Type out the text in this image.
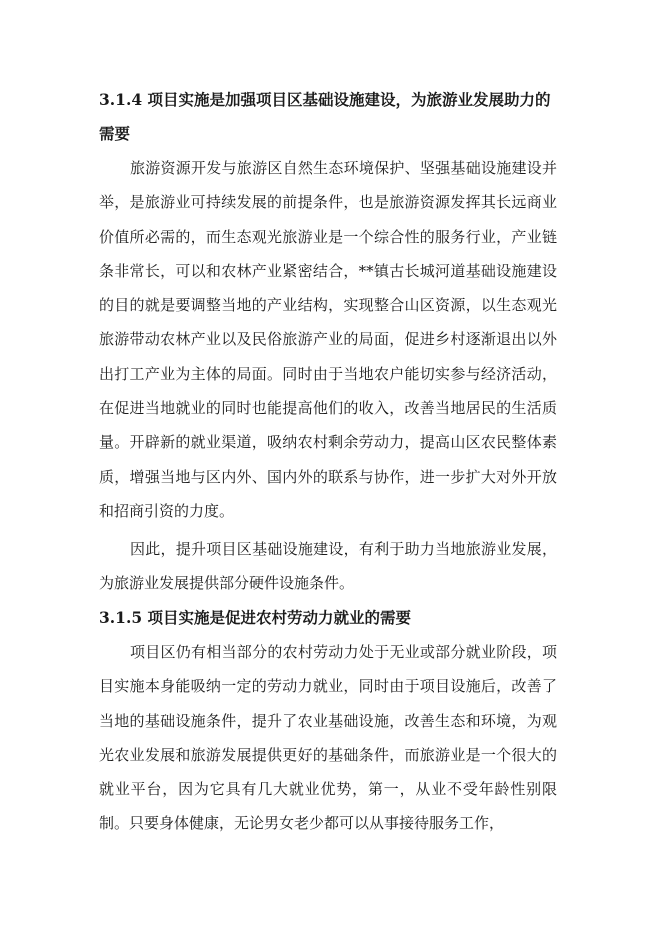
3.1.4 项目实施是加强项目区基础设施建设，为旅游业发展助力的需要

旅游资源开发与旅游区自然生态环境保护、坚强基础设施建设并举，是旅游业可持续发展的前提条件，也是旅游资源发挥其长远商业价值所必需的，而生态观光旅游业是一个综合性的服务行业，产业链条非常长，可以和农林产业紧密结合，**镇古长城河道基础设施建设的目的就是要调整当地的产业结构，实现整合山区资源，以生态观光旅游带动农林产业以及民俗旅游产业的局面，促进乡村逐渐退出以外出打工产业为主体的局面。同时由于当地农户能切实参与经济活动，在促进当地就业的同时也能提高他们的收入，改善当地居民的生活质量。开辟新的就业渠道，吸纳农村剩余劳动力，提高山区农民整体素质，增强当地与区内外、国内外的联系与协作，进一步扩大对外开放和招商引资的力度。

因此，提升项目区基础设施建设，有利于助力当地旅游业发展，为旅游业发展提供部分硬件设施条件。

3.1.5 项目实施是促进农村劳动力就业的需要

项目区仍有相当部分的农村劳动力处于无业或部分就业阶段，项目实施本身能吸纳一定的劳动力就业，同时由于项目设施后，改善了当地的基础设施条件，提升了农业基础设施，改善生态和环境，为观光农业发展和旅游发展提供更好的基础条件，而旅游业是一个很大的就业平台，因为它具有几大就业优势，第一，从业不受年龄性别限制。只要身体健康，无论男女老少都可以从事接待服务工作，
